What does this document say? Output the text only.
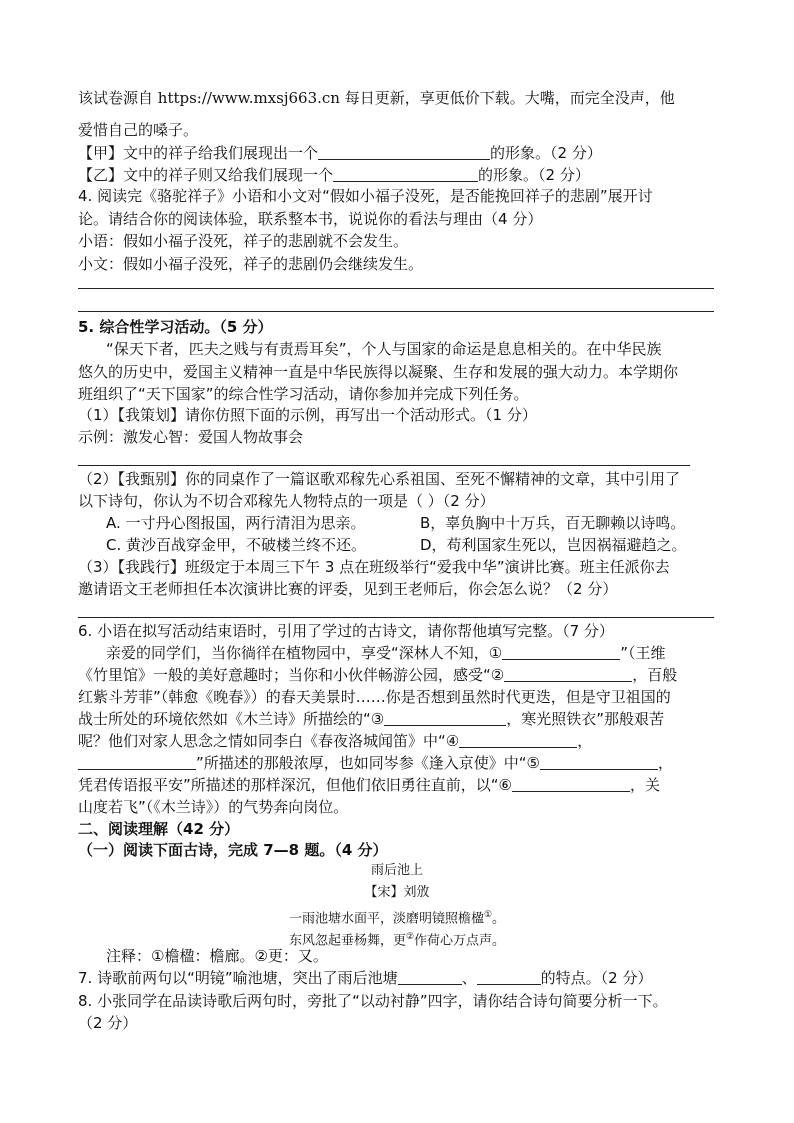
该试卷源自 https://www.mxsj663.cn 每日更新，享更低价下载。大嘴，而完全没声，他
爱惜自己的嗓子。
【甲】文中的祥子给我们展现出一个	的形象。（2 分）
【乙】文中的祥子则又给我们展现一个	的形象。（2 分）
4. 阅读完《骆驼祥子》小语和小文对“假如小福子没死，是否能挽回祥子的悲剧”展开讨
论。请结合你的阅读体验，联系整本书，说说你的看法与理由（4 分）
小语：假如小福子没死，祥子的悲剧就不会发生。
小文：假如小福子没死，祥子的悲剧仍会继续发生。
5. 综合性学习活动。（5 分）
“保天下者，匹夫之贱与有责焉耳矣”，个人与国家的命运是息息相关的。在中华民族
悠久的历史中，爱国主义精神一直是中华民族得以凝聚、生存和发展的强大动力。本学期你
班组织了“天下国家”的综合性学习活动，请你参加并完成下列任务。
（1）【我策划】请你仿照下面的示例，再写出一个活动形式。（1 分）
示例：激发心智：爱国人物故事会
（2）【我甄别】你的同桌作了一篇讴歌邓稼先心系祖国、至死不懈精神的文章，其中引用了
以下诗句，你认为不切合邓稼先人物特点的一项是（ ）（2 分）
A. 一寸丹心图报国，两行清泪为思亲。	B，辜负胸中十万兵，百无聊赖以诗鸣。
C. 黄沙百战穿金甲，不破楼兰终不还。	D，苟利国家生死以，岂因祸福避趋之。
（3）【我践行】班级定于本周三下午 3 点在班级举行“爱我中华”演讲比赛。班主任派你去
邀请语文王老师担任本次演讲比赛的评委，见到王老师后，你会怎么说？（2 分）
6. 小语在拟写活动结束语时，引用了学过的古诗文，请你帮他填写完整。（7 分）
亲爱的同学们，当你徜徉在植物园中，享受“深林人不知，①	”（王维
《竹里馆》一般的美好意趣时；当你和小伙伴畅游公园，感受“②	，百般
红紫斗芳菲”（韩愈《晚春》）的春天美景时……你是否想到虽然时代更迭，但是守卫祖国的
战士所处的环境依然如《木兰诗》所描绘的“③	，寒光照铁衣”那般艰苦
呢？他们对家人思念之情如同李白《春夜洛城闻笛》中“④	，
”所描述的那般浓厚，也如同岑参《逢入京使》中“⑤	，
凭君传语报平安”所描述的那样深沉，但他们依旧勇往直前，以“⑥	，关
山度若飞”（《木兰诗》）的气势奔向岗位。
二、阅读理解（42 分）
（一）阅读下面古诗，完成 7—8 题。（4 分）
雨后池上
【宋】刘攽
一雨池塘水面平，淡磨明镜照檐楹①。
东风忽起垂杨舞，更②作荷心万点声。
注释：①檐楹：檐廊。②更：又。
7. 诗歌前两句以“明镜”喻池塘，突出了雨后池塘	、	的特点。（2 分）
8. 小张同学在品读诗歌后两句时，旁批了“以动衬静”四字，请你结合诗句简要分析一下。
（2 分）
